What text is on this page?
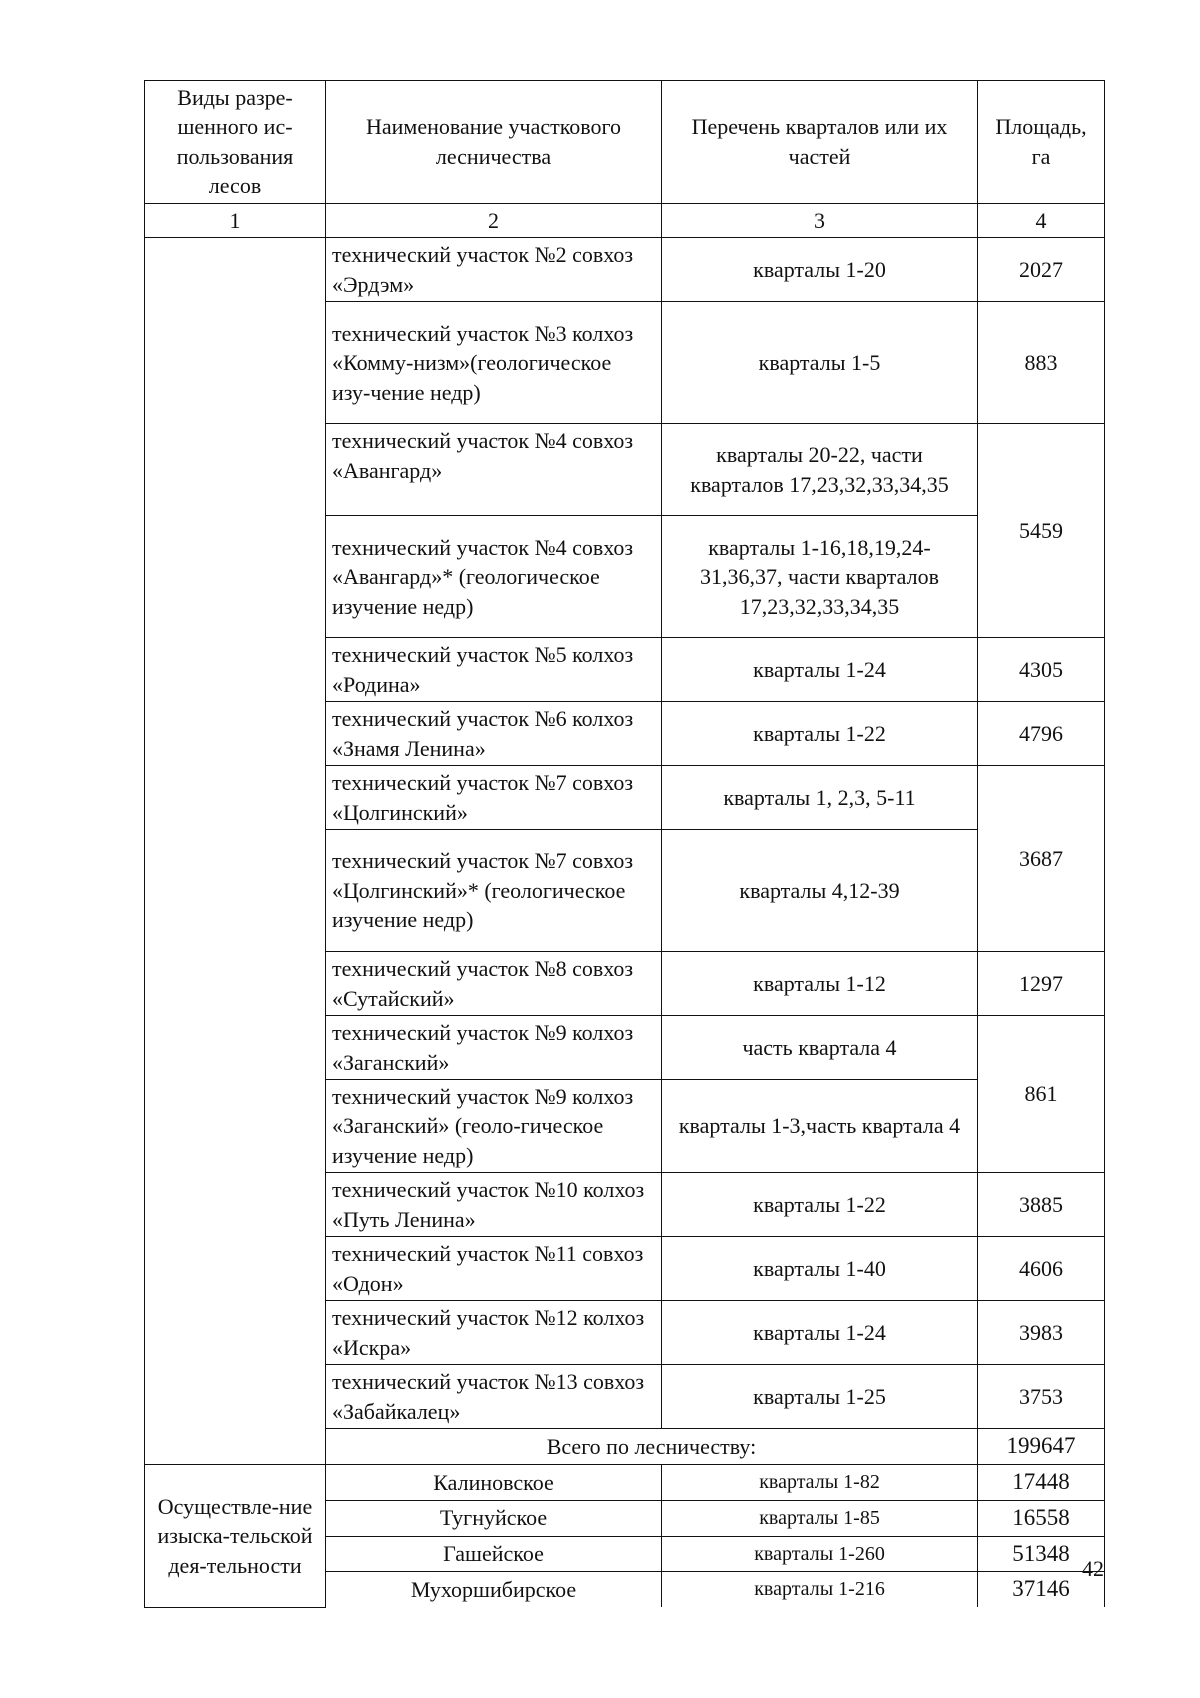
Виды разре-шенного ис-пользования лесов	Наименование участкового лесничества	Перечень кварталов или их частей	Площадь, га
1	2	3	4
	технический участок №2 совхоз «Эрдэм»	кварталы 1-20	2027
	технический участок №3 колхоз «Комму-низм»(геологическое изу-чение недр)	кварталы 1-5	883
	технический участок №4 совхоз «Авангард»	кварталы 20-22, части кварталов 17,23,32,33,34,35	5459
	технический участок №4 совхоз «Авангард»* (геологическое изучение недр)	кварталы 1-16,18,19,24-31,36,37, части кварталов 17,23,32,33,34,35	
	технический участок №5 колхоз «Родина»	кварталы 1-24	4305
	технический участок №6 колхоз «Знамя Ленина»	кварталы 1-22	4796
	технический участок №7 совхоз «Цолгинский»	кварталы 1, 2,3, 5-11	3687
	технический участок №7 совхоз «Цолгинский»* (геологическое изучение недр)	кварталы 4,12-39	
	технический участок №8 совхоз «Сутайский»	кварталы 1-12	1297
	технический участок №9 колхоз «Заганский»	часть квартала 4	861
	технический участок №9 колхоз «Заганский» (геоло-гическое изучение недр)	кварталы 1-3,часть квартала 4	
	технический участок №10 колхоз «Путь Ленина»	кварталы 1-22	3885
	технический участок №11 совхоз «Одон»	кварталы 1-40	4606
	технический участок №12 колхоз «Искра»	кварталы 1-24	3983
	технический участок №13 совхоз «Забайкалец»	кварталы 1-25	3753
	Всего по лесничеству:		199647
Осуществле-ние изыска-тельской дея-тельности	Калиновское	кварталы 1-82	17448
	Тугнуйское	кварталы 1-85	16558
	Гашейское	кварталы 1-260	51348
	Мухоршибирское	кварталы 1-216	37146
42
